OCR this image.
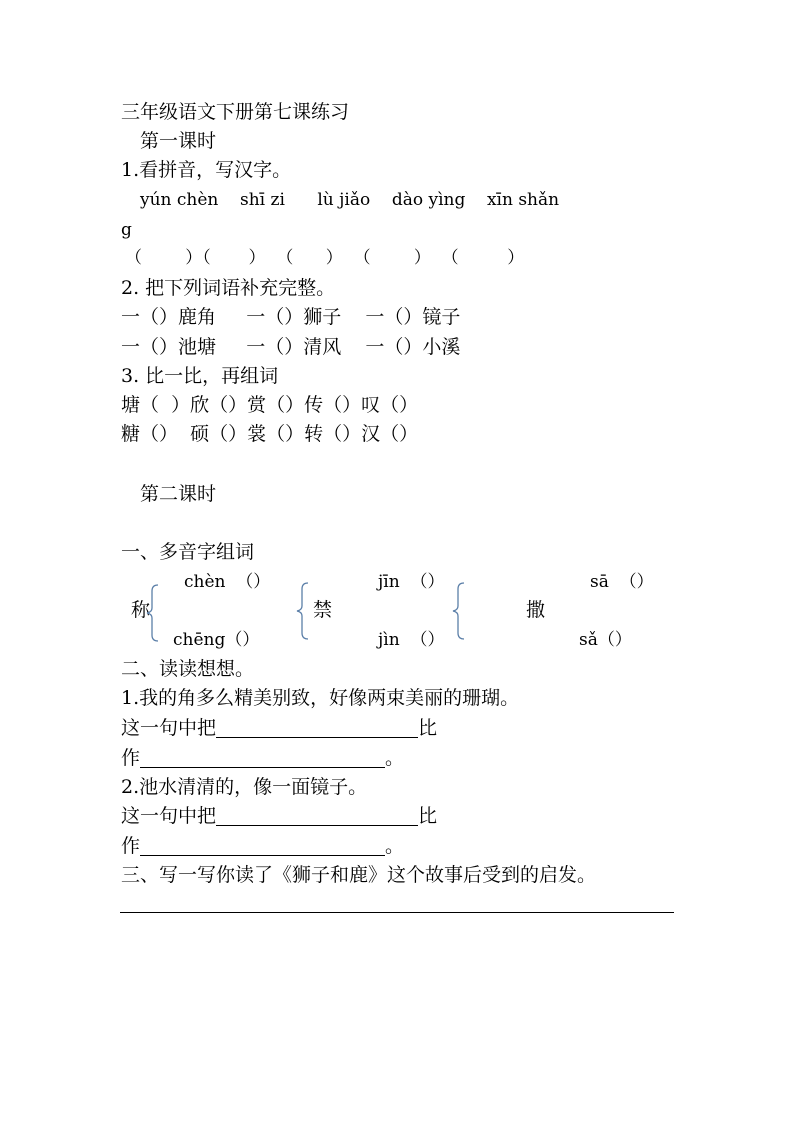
三年级语文下册第七课练习
第一课时
1.看拼音，写汉字。
yún chèn    shī zi      lù jiǎo    dào yìng    xīn shǎn
g
（        ）（       ）  （      ）  （        ）  （         ）
2. 把下列词语补充完整。
一（）鹿角     一（）狮子    一（）镜子
一（）池塘     一（）清风    一（）小溪
3. 比一比，再组词
塘（  ）欣（）赏（）传（）叹（）
糖（）  硕（）裳（）转（）汉（）
第二课时
一、多音字组词
chèn  （）
称
chēng（）
jīn  （）
禁
jìn  （）
sā  （）
撒
sǎ（）
二、读读想想。
1.我的角多么精美别致，好像两束美丽的珊瑚。
这一句中把	比
作	。
2.池水清清的，像一面镜子。
这一句中把	比
作	。
三、写一写你读了《狮子和鹿》这个故事后受到的启发。
